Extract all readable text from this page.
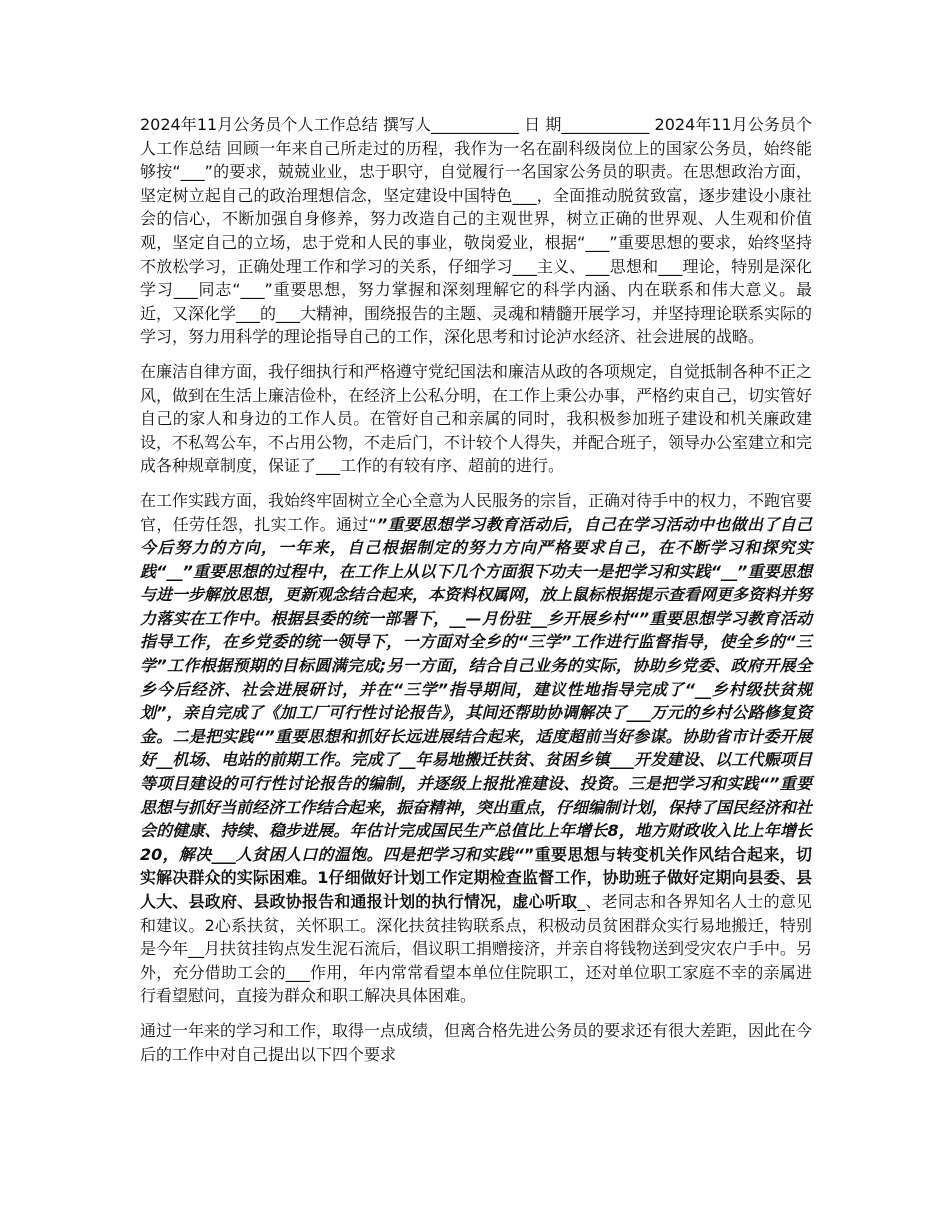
2024年11月公务员个人工作总结 撰写人___________ 日 期___________ 2024年11月公务员个人工作总结 回顾一年来自己所走过的历程，我作为一名在副科级岗位上的国家公务员，始终能够按“___”的要求，兢兢业业，忠于职守，自觉履行一名国家公务员的职责。在思想政治方面，坚定树立起自己的政治理想信念，坚定建设中国特色___，全面推动脱贫致富，逐步建设小康社会的信心，不断加强自身修养，努力改造自己的主观世界，树立正确的世界观、人生观和价值观，坚定自己的立场，忠于党和人民的事业，敬岗爱业，根据“___”重要思想的要求，始终坚持不放松学习，正确处理工作和学习的关系，仔细学习___主义、___思想和___理论，特别是深化学习___同志“___”重要思想，努力掌握和深刻理解它的科学内涵、内在联系和伟大意义。最近，又深化学___的___大精神，围绕报告的主题、灵魂和精髓开展学习，并坚持理论联系实际的学习，努力用科学的理论指导自己的工作，深化思考和讨论泸水经济、社会进展的战略。

在廉洁自律方面，我仔细执行和严格遵守党纪国法和廉洁从政的各项规定，自觉抵制各种不正之风，做到在生活上廉洁俭朴，在经济上公私分明，在工作上秉公办事，严格约束自己，切实管好自己的家人和身边的工作人员。在管好自己和亲属的同时，我积极参加班子建设和机关廉政建设，不私驾公车，不占用公物，不走后门，不计较个人得失，并配合班子，领导办公室建立和完成各种规章制度，保证了___工作的有较有序、超前的进行。

在工作实践方面，我始终牢固树立全心全意为人民服务的宗旨，正确对待手中的权力，不跑官要官，任劳任怨，扎实工作。通过“”重要思想学习教育活动后，自己在学习活动中也做出了自己今后努力的方向，一年来，自己根据制定的努力方向严格要求自己，在不断学习和探究实践“__”重要思想的过程中，在工作上从以下几个方面狠下功夫一是把学习和实践“__”重要思想与进一步解放思想，更新观念结合起来，本资料权属网，放上鼠标根据提示查看网更多资料并努力落实在工作中。根据县委的统一部署下，__—月份驻__乡开展乡村“”重要思想学习教育活动指导工作，在乡党委的统一领导下，一方面对全乡的“三学”工作进行监督指导，使全乡的“三学”工作根据预期的目标圆满完成;另一方面，结合自己业务的实际，协助乡党委、政府开展全乡今后经济、社会进展研讨，并在“三学”指导期间，建议性地指导完成了“__乡村级扶贫规划”，亲自完成了《加工厂可行性讨论报告》，其间还帮助协调解决了___万元的乡村公路修复资金。二是把实践“”重要思想和抓好长远进展结合起来，适度超前当好参谋。协助省市计委开展好__机场、电站的前期工作。完成了__年易地搬迁扶贫、贫困乡镇___开发建设、以工代赈项目等项目建设的可行性讨论报告的编制，并逐级上报批准建设、投资。三是把学习和实践“”重要思想与抓好当前经济工作结合起来，振奋精神，突出重点，仔细编制计划，保持了国民经济和社会的健康、持续、稳步进展。年估计完成国民生产总值比上年增长8，地方财政收入比上年增长20，解决___人贫困人口的温饱。四是把学习和实践“”重要思想与转变机关作风结合起来，切实解决群众的实际困难。1仔细做好计划工作定期检查监督工作，协助班子做好定期向县委、县人大、县政府、县政协报告和通报计划的执行情况，虚心听取_、老同志和各界知名人士的意见和建议。2心系扶贫，关怀职工。深化扶贫挂钩联系点，积极动员贫困群众实行易地搬迁，特别是今年__月扶贫挂钩点发生泥石流后，倡议职工捐赠接济，并亲自将钱物送到受灾农户手中。另外，充分借助工会的___作用，年内常常看望本单位住院职工，还对单位职工家庭不幸的亲属进行看望慰问，直接为群众和职工解决具体困难。

通过一年来的学习和工作，取得一点成绩，但离合格先进公务员的要求还有很大差距，因此在今后的工作中对自己提出以下四个要求
